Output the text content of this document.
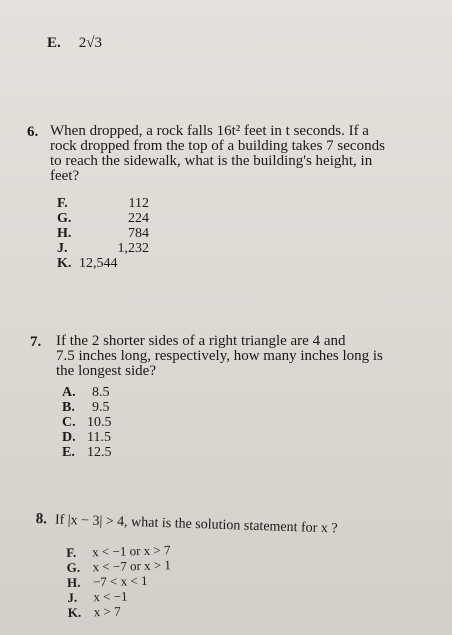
E. 2√3
6. When dropped, a rock falls 16t² feet in t seconds. If a
rock dropped from the top of a building takes 7 seconds
to reach the sidewalk, what is the building's height, in
feet?
F.	112
G.	224
H.	784
J.	1,232
K. 12,544
7. If the 2 shorter sides of a right triangle are 4 and
7.5 inches long, respectively, how many inches long is
the longest side?
A. 8.5
B. 9.5
C. 10.5
D. 11.5
E. 12.5
8. If |x − 3| > 4, what is the solution statement for x ?
F. x < −1 or x > 7
G. x < −7 or x > 1
H. −7 < x < 1
J. x < −1
K. x > 7
